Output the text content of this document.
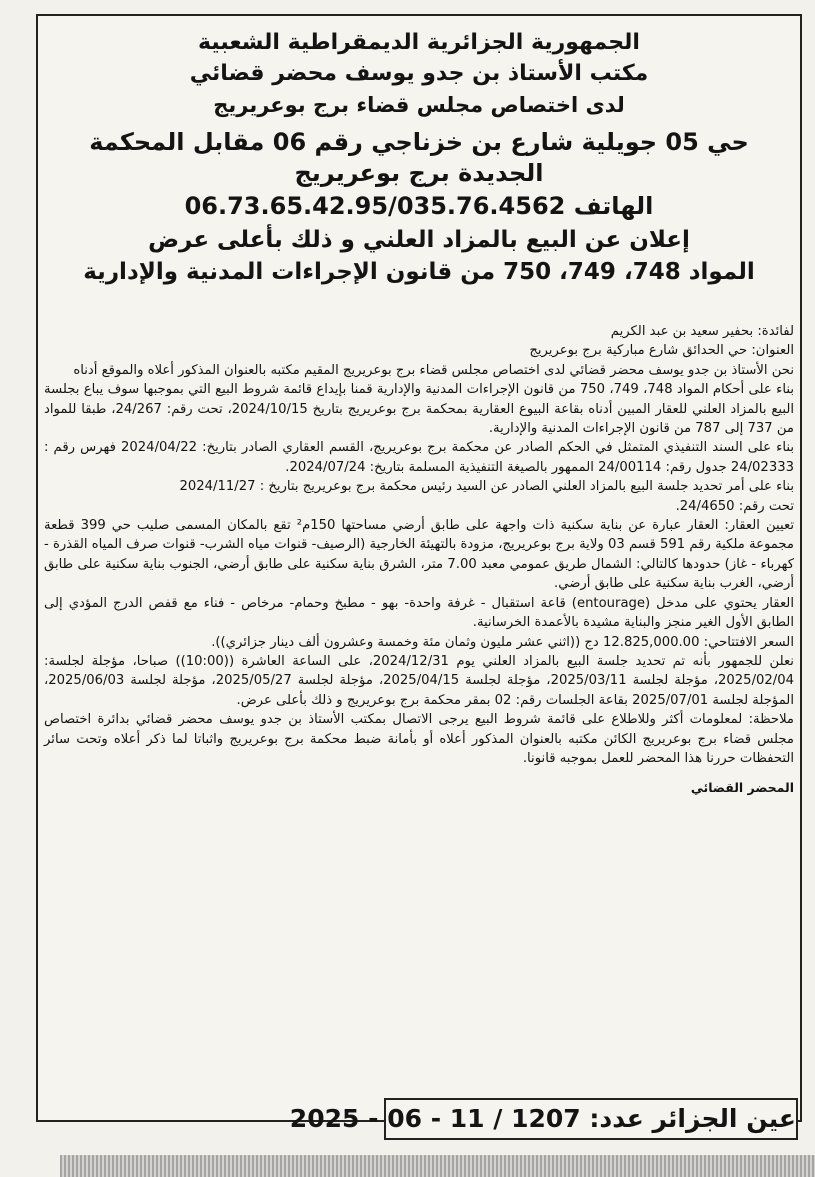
الجمهورية الجزائرية الديمقراطية الشعبية

مكتب الأستاذ بن جدو يوسف محضر قضائي

لدى اختصاص مجلس قضاء برج بوعريريج

حي 05 جويلية شارع بن خزناجي رقم 06 مقابل المحكمة الجديدة برج بوعريريج

الهاتف 06.73.65.42.95/035.76.4562

إعلان عن البيع بالمزاد العلني و ذلك بأعلى عرض

المواد 748، 749، 750 من قانون الإجراءات المدنية والإدارية

لفائدة: بحفير سعيد بن عبد الكريم

العنوان: حي الحدائق شارع مباركية برج بوعريريج

نحن الأستاذ بن جدو يوسف محضر قضائي لدى اختصاص مجلس قضاء برج بوعريريج المقيم مكتبه بالعنوان المذكور أعلاه والموقع أدناه

بناء على أحكام المواد 748، 749، 750 من قانون الإجراءات المدنية والإدارية قمنا بإيداع قائمة شروط البيع التي بموجبها سوف يباع بجلسة البيع بالمزاد العلني للعقار المبين أدناه بقاعة البيوع العقارية بمحكمة برج بوعريريج بتاريخ 2024/10/15، تحت رقم: 24/267، طبقا للمواد من 737 إلى 787 من قانون الإجراءات المدنية والإدارية.

بناء على السند التنفيذي المتمثل في الحكم الصادر عن محكمة برج بوعريريج، القسم العقاري الصادر بتاريخ: 2024/04/22 فهرس رقم : 24/02333 جدول رقم: 24/00114 الممهور بالصيغة التنفيذية المسلمة بتاريخ: 2024/07/24.

بناء على أمر تحديد جلسة البيع بالمزاد العلني الصادر عن السيد رئيس محكمة برج بوعريريج بتاريخ : 2024/11/27

تحت رقم: 24/4650.

تعيين العقار: العقار عبارة عن بناية سكنية ذات واجهة على طابق أرضي مساحتها 150م² تقع بالمكان المسمى صليب حي 399 قطعة مجموعة ملكية رقم 591 قسم 03 ولاية برج بوعريريج، مزودة بالتهيئة الخارجية (الرصيف- قنوات مياه الشرب- قنوات صرف المياه القذرة - كهرباء - غاز) حدودها كالتالي: الشمال طريق عمومي معبد 7.00 متر، الشرق بناية سكنية على طابق أرضي، الجنوب بناية سكنية على طابق أرضي، الغرب بناية سكنية على طابق أرضي.

العقار يحتوي على مدخل (entourage) قاعة استقبال - غرفة واحدة- بهو - مطبخ وحمام- مرخاص - فناء مع قفص الدرج المؤدي إلى الطابق الأول الغير منجز والبناية مشيدة بالأعمدة الخرسانية.

السعر الافتتاحي: 12.825,000.00 دج ((اثني عشر مليون وثمان مئة وخمسة وعشرون ألف دينار جزائري)).

نعلن للجمهور بأنه تم تحديد جلسة البيع بالمزاد العلني يوم 2024/12/31، على الساعة العاشرة ((10:00)) صباحا، مؤجلة لجلسة: 2025/02/04، مؤجلة لجلسة 2025/03/11، مؤجلة لجلسة 2025/04/15، مؤجلة لجلسة 2025/05/27، مؤجلة لجلسة 2025/06/03، المؤجلة لجلسة 2025/07/01 بقاعة الجلسات رقم: 02 بمقر محكمة برج بوعريريج و ذلك بأعلى عرض.

ملاحظة: لمعلومات أكثر وللاطلاع على قائمة شروط البيع يرجى الاتصال بمكتب الأستاذ بن جدو يوسف محضر قضائي بدائرة اختصاص مجلس قضاء برج بوعريريج الكائن مكتبه بالعنوان المذكور أعلاه أو بأمانة ضبط محكمة برج بوعريريج واثباتا لما ذكر أعلاه وتحت سائر التحفظات حررنا هذا المحضر للعمل بموجبه قانونا.

المحضر القضائي

عين الجزائر عدد: 1207 / 11 - 06 - 2025
